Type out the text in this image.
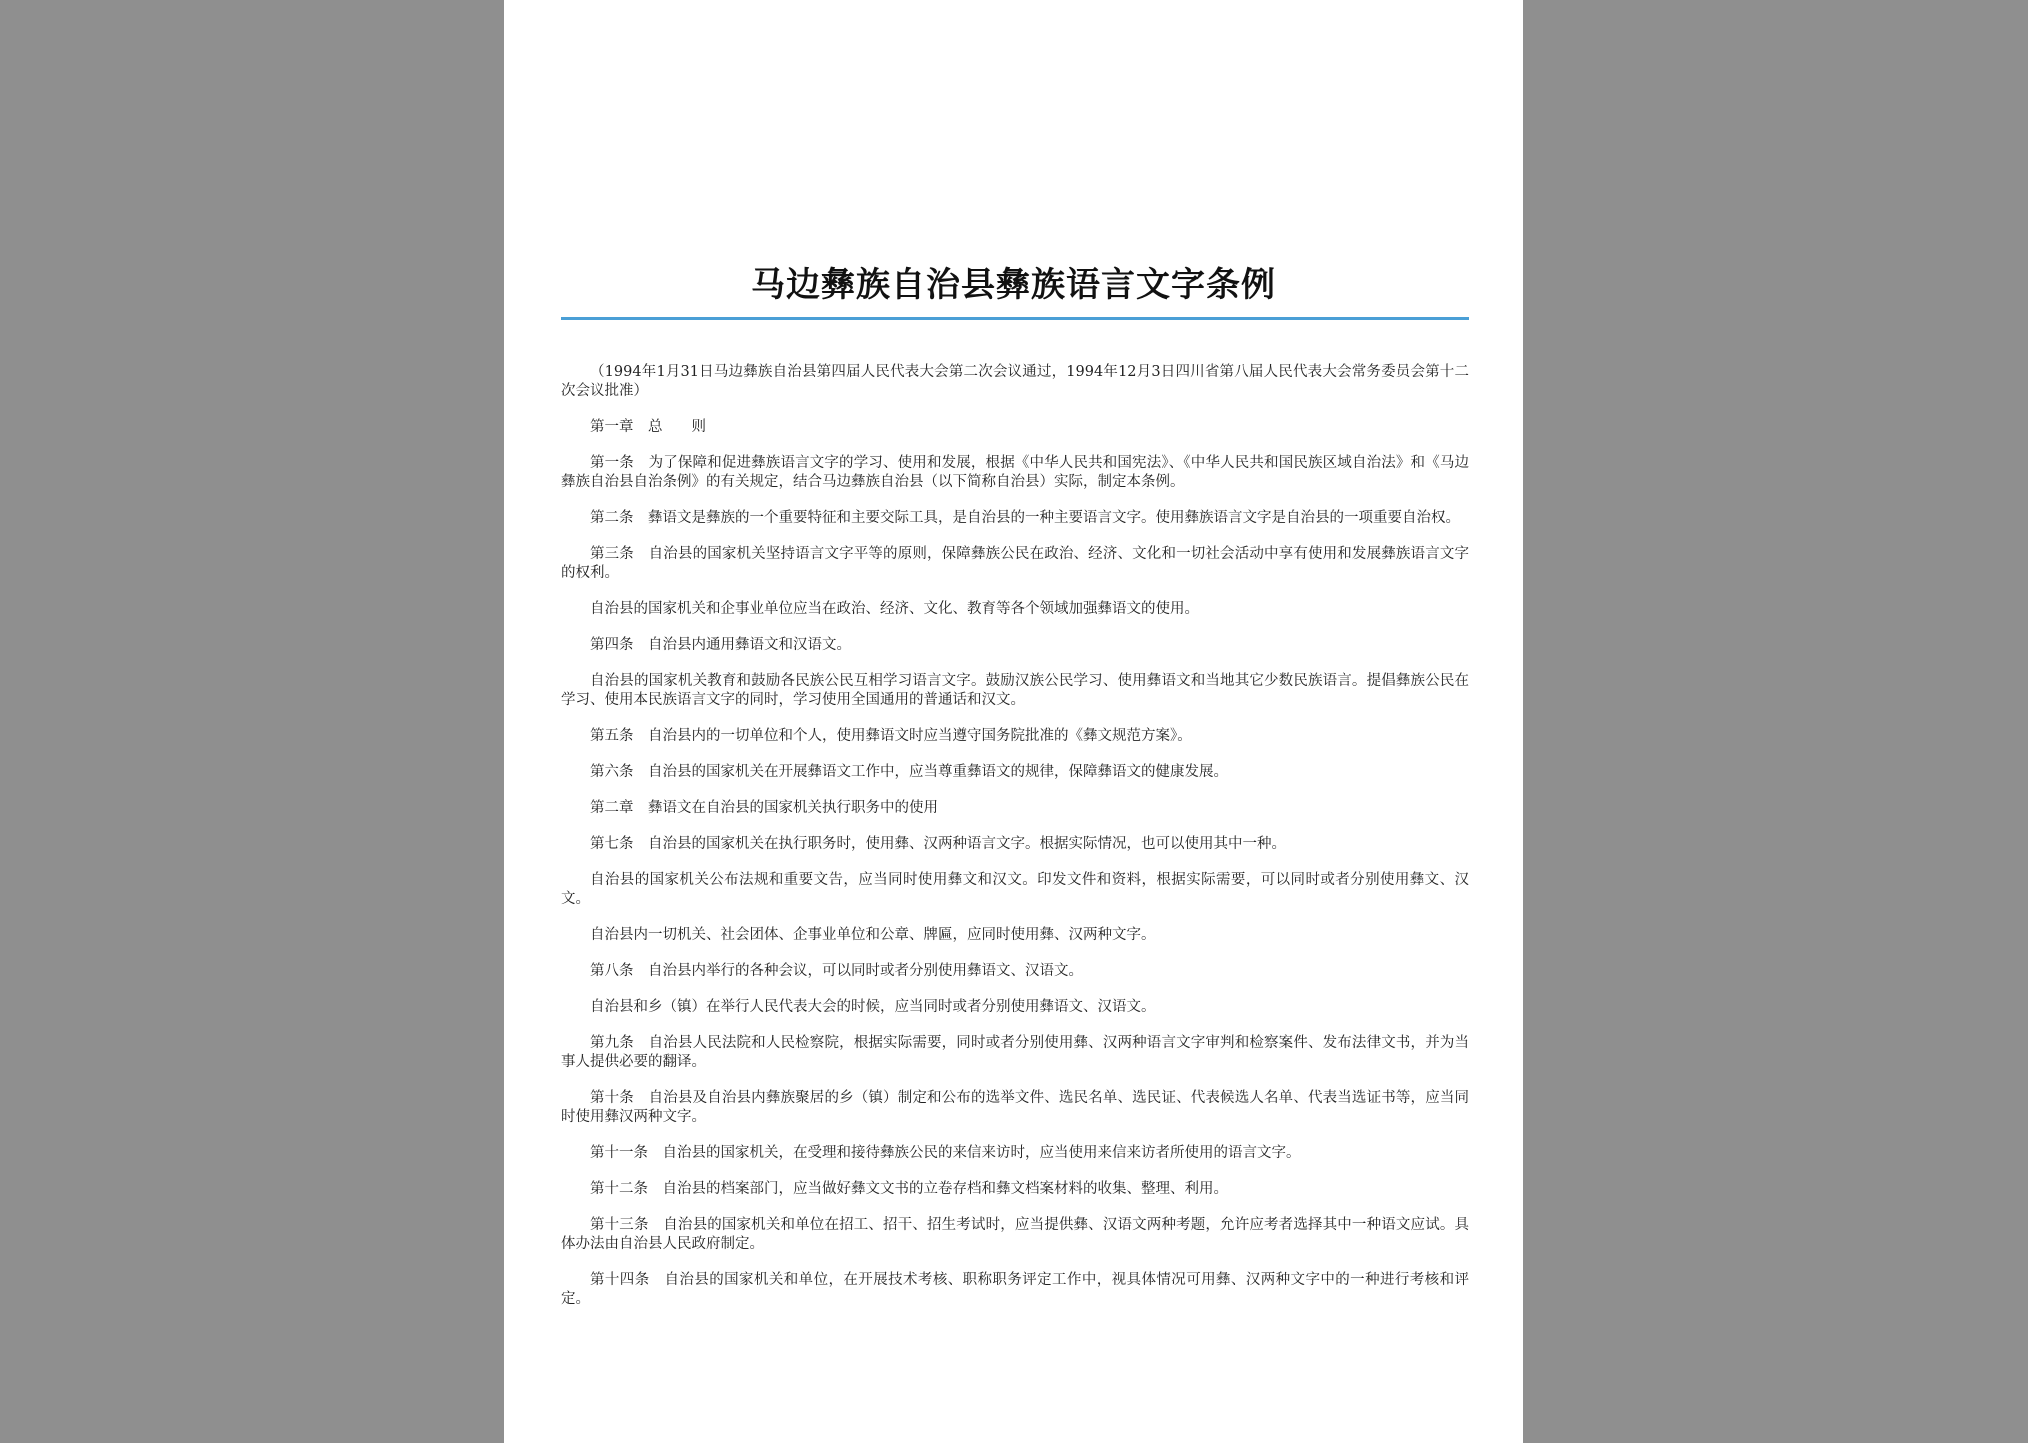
马边彝族自治县彝族语言文字条例

（1994年1月31日马边彝族自治县第四届人民代表大会第二次会议通过，1994年12月3日四川省第八届人民代表大会常务委员会第十二次会议批准）

第一章　总　　则

第一条　为了保障和促进彝族语言文字的学习、使用和发展，根据《中华人民共和国宪法》、《中华人民共和国民族区域自治法》和《马边彝族自治县自治条例》的有关规定，结合马边彝族自治县（以下简称自治县）实际，制定本条例。

第二条　彝语文是彝族的一个重要特征和主要交际工具，是自治县的一种主要语言文字。使用彝族语言文字是自治县的一项重要自治权。

第三条　自治县的国家机关坚持语言文字平等的原则，保障彝族公民在政治、经济、文化和一切社会活动中享有使用和发展彝族语言文字的权利。

自治县的国家机关和企事业单位应当在政治、经济、文化、教育等各个领域加强彝语文的使用。

第四条　自治县内通用彝语文和汉语文。

自治县的国家机关教育和鼓励各民族公民互相学习语言文字。鼓励汉族公民学习、使用彝语文和当地其它少数民族语言。提倡彝族公民在学习、使用本民族语言文字的同时，学习使用全国通用的普通话和汉文。

第五条　自治县内的一切单位和个人，使用彝语文时应当遵守国务院批准的《彝文规范方案》。

第六条　自治县的国家机关在开展彝语文工作中，应当尊重彝语文的规律，保障彝语文的健康发展。

第二章　彝语文在自治县的国家机关执行职务中的使用

第七条　自治县的国家机关在执行职务时，使用彝、汉两种语言文字。根据实际情况，也可以使用其中一种。

自治县的国家机关公布法规和重要文告，应当同时使用彝文和汉文。印发文件和资料，根据实际需要，可以同时或者分别使用彝文、汉文。

自治县内一切机关、社会团体、企事业单位和公章、牌匾，应同时使用彝、汉两种文字。

第八条　自治县内举行的各种会议，可以同时或者分别使用彝语文、汉语文。

自治县和乡（镇）在举行人民代表大会的时候，应当同时或者分别使用彝语文、汉语文。

第九条　自治县人民法院和人民检察院，根据实际需要，同时或者分别使用彝、汉两种语言文字审判和检察案件、发布法律文书，并为当事人提供必要的翻译。

第十条　自治县及自治县内彝族聚居的乡（镇）制定和公布的选举文件、选民名单、选民证、代表候选人名单、代表当选证书等，应当同时使用彝汉两种文字。

第十一条　自治县的国家机关，在受理和接待彝族公民的来信来访时，应当使用来信来访者所使用的语言文字。

第十二条　自治县的档案部门，应当做好彝文文书的立卷存档和彝文档案材料的收集、整理、利用。

第十三条　自治县的国家机关和单位在招工、招干、招生考试时，应当提供彝、汉语文两种考题，允许应考者选择其中一种语文应试。具体办法由自治县人民政府制定。

第十四条　自治县的国家机关和单位，在开展技术考核、职称职务评定工作中，视具体情况可用彝、汉两种文字中的一种进行考核和评定。
